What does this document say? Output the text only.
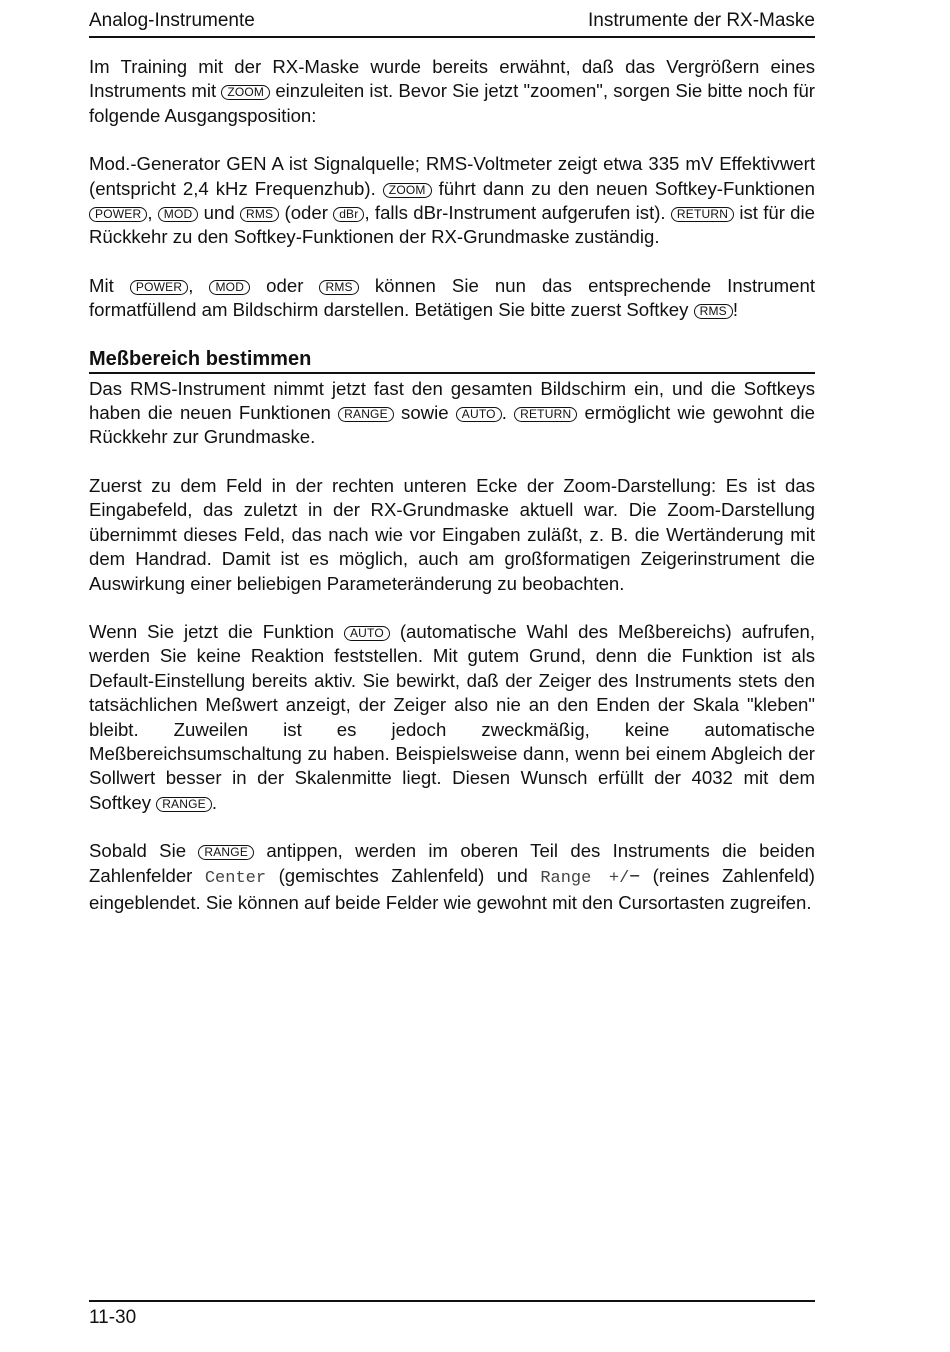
Analog-Instrumente	Instrumente der RX-Maske

Im Training mit der RX-Maske wurde bereits erwähnt, daß das Vergrößern eines Instruments mit ZOOM einzuleiten ist. Bevor Sie jetzt "zoomen", sorgen Sie bitte noch für folgende Ausgangsposition:

Mod.-Generator GEN A ist Signalquelle; RMS-Voltmeter zeigt etwa 335 mV Effektivwert (entspricht 2,4 kHz Frequenzhub). ZOOM führt dann zu den neuen Softkey-Funktionen POWER , MOD und RMS (oder dBr , falls dBr-Instrument aufgerufen ist). RETURN ist für die Rückkehr zu den Softkey-Funktionen der RX-Grundmaske zuständig.

Mit POWER , MOD oder RMS können Sie nun das entsprechende Instrument formatfüllend am Bildschirm darstellen. Betätigen Sie bitte zuerst Softkey RMS !

Meßbereich bestimmen

Das RMS-Instrument nimmt jetzt fast den gesamten Bildschirm ein, und die Softkeys haben die neuen Funktionen RANGE sowie AUTO . RETURN ermöglicht wie gewohnt die Rückkehr zur Grundmaske.

Zuerst zu dem Feld in der rechten unteren Ecke der Zoom-Darstellung: Es ist das Eingabefeld, das zuletzt in der RX-Grundmaske aktuell war. Die Zoom-Darstellung übernimmt dieses Feld, das nach wie vor Eingaben zuläßt, z. B. die Wertänderung mit dem Handrad. Damit ist es möglich, auch am großformatigen Zeigerinstrument die Auswirkung einer beliebigen Parameteränderung zu beobachten.

Wenn Sie jetzt die Funktion AUTO (automatische Wahl des Meßbereichs) aufrufen, werden Sie keine Reaktion feststellen. Mit gutem Grund, denn die Funktion ist als Default-Einstellung bereits aktiv. Sie bewirkt, daß der Zeiger des Instruments stets den tatsächlichen Meßwert anzeigt, der Zeiger also nie an den Enden der Skala "kleben" bleibt. Zuweilen ist es jedoch zweckmäßig, keine automatische Meßbereichsumschaltung zu haben. Beispielsweise dann, wenn bei einem Abgleich der Sollwert besser in der Skalenmitte liegt. Diesen Wunsch erfüllt der 4032 mit dem Softkey RANGE .

Sobald Sie RANGE antippen, werden im oberen Teil des Instruments die beiden Zahlenfelder Center (gemischtes Zahlenfeld) und Range +/− (reines Zahlenfeld) eingeblendet. Sie können auf beide Felder wie gewohnt mit den Cursortasten zugreifen.

11-30
